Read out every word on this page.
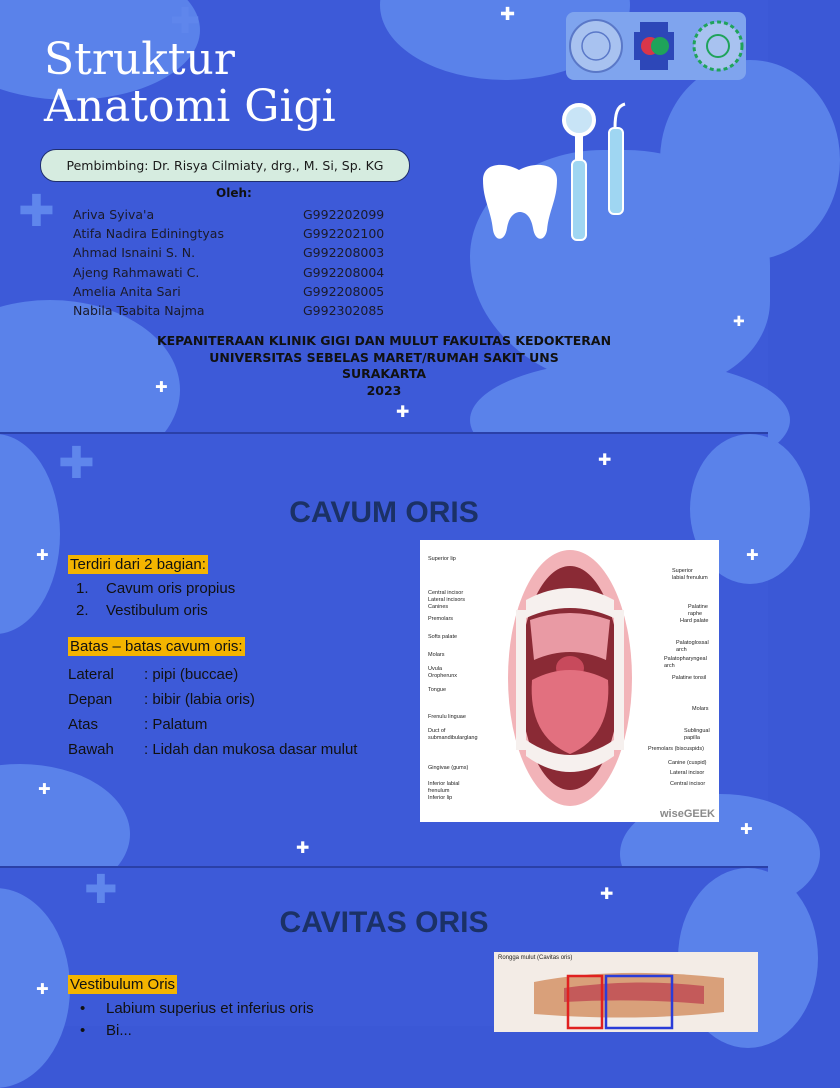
✚
✚
✚
✚
✚
✚
Struktur
Anatomi Gigi
Pembimbing: Dr. Risya Cilmiaty, drg., M. Si, Sp. KG
Oleh:
Ariva Syiva'a	G992202099
Atifa Nadira Ediningtyas	G992202100
Ahmad Isnaini S. N.	G992208003
Ajeng Rahmawati C.	G992208004
Amelia Anita Sari	G992208005
Nabila Tsabita Najma	G992302085
KEPANITERAAN KLINIK GIGI DAN MULUT FAKULTAS KEDOKTERAN
UNIVERSITAS SEBELAS MARET/RUMAH SAKIT UNS
SURAKARTA
2023
✚	✚
✚	✚
✚
✚
✚
CAVUM ORIS
Terdiri dari 2 bagian:
1. Cavum oris propius
2. Vestibulum oris
Batas – batas cavum oris:
Lateral : pipi (buccae)
Depan : bibir (labia oris)
Atas	: Palatum
Bawah : Lidah dan mukosa dasar mulut
Superior lip
Central incisor
Lateral incisors
Canines
Premolars
Softs palate
Molars
Uvula
Oropherunx
Tongue
Frenulu linguae
Duct of
submandibularglang
Gingivae (gums)
Inferior labial
frenulum
Inferior lip
Superior
labial frenulum
Palatine
raphe
Hard palate
Palatoglossal
arch
Palatopharyngeal
arch
Palatine tonsil
Molars
Sublingual
papilla
Premolars (biscuspids)
Canine (cuspid)
Lateral incisor
Central incisor
wiseGEEK
✚	✚
✚
CAVITAS ORIS
Vestibulum Oris
• Labium superius et inferius oris
• Bi...
Rongga mulut (Cavitas oris)
